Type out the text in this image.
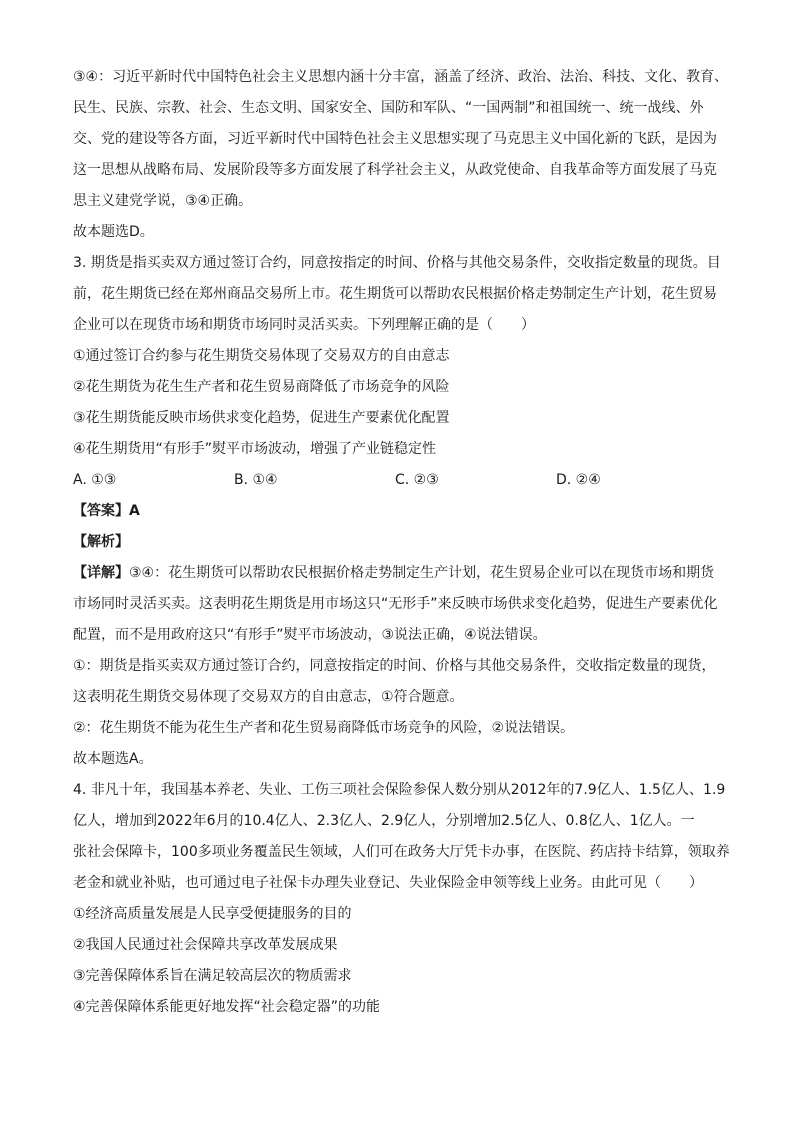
③④：习近平新时代中国特色社会主义思想内涵十分丰富，涵盖了经济、政治、法治、科技、文化、教育、
民生、民族、宗教、社会、生态文明、国家安全、国防和军队、“一国两制”和祖国统一、统一战线、外
交、党的建设等各方面，习近平新时代中国特色社会主义思想实现了马克思主义中国化新的飞跃，是因为
这一思想从战略布局、发展阶段等多方面发展了科学社会主义，从政党使命、自我革命等方面发展了马克
思主义建党学说，③④正确。
故本题选D。
3. 期货是指买卖双方通过签订合约，同意按指定的时间、价格与其他交易条件，交收指定数量的现货。目
前，花生期货已经在郑州商品交易所上市。花生期货可以帮助农民根据价格走势制定生产计划，花生贸易
企业可以在现货市场和期货市场同时灵活买卖。下列理解正确的是（　　）
①通过签订合约参与花生期货交易体现了交易双方的自由意志
②花生期货为花生生产者和花生贸易商降低了市场竞争的风险
③花生期货能反映市场供求变化趋势，促进生产要素优化配置
④花生期货用“有形手”熨平市场波动，增强了产业链稳定性
A. ①③	B. ①④	C. ②③	D. ②④
【答案】A
【解析】
【详解】③④：花生期货可以帮助农民根据价格走势制定生产计划，花生贸易企业可以在现货市场和期货
市场同时灵活买卖。这表明花生期货是用市场这只“无形手”来反映市场供求变化趋势，促进生产要素优化
配置，而不是用政府这只“有形手”熨平市场波动，③说法正确，④说法错误。
①：期货是指买卖双方通过签订合约，同意按指定的时间、价格与其他交易条件，交收指定数量的现货，
这表明花生期货交易体现了交易双方的自由意志，①符合题意。
②：花生期货不能为花生生产者和花生贸易商降低市场竞争的风险，②说法错误。
故本题选A。
4. 非凡十年，我国基本养老、失业、工伤三项社会保险参保人数分别从2012年的7.9亿人、1.5亿人、1.9
亿人，增加到2022年6月的10.4亿人、2.3亿人、2.9亿人，分别增加2.5亿人、0.8亿人、1亿人。一
张社会保障卡，100多项业务覆盖民生领域，人们可在政务大厅凭卡办事，在医院、药店持卡结算，领取养
老金和就业补贴，也可通过电子社保卡办理失业登记、失业保险金申领等线上业务。由此可见（　　）
①经济高质量发展是人民享受便捷服务的目的
②我国人民通过社会保障共享改革发展成果
③完善保障体系旨在满足较高层次的物质需求
④完善保障体系能更好地发挥“社会稳定器”的功能
